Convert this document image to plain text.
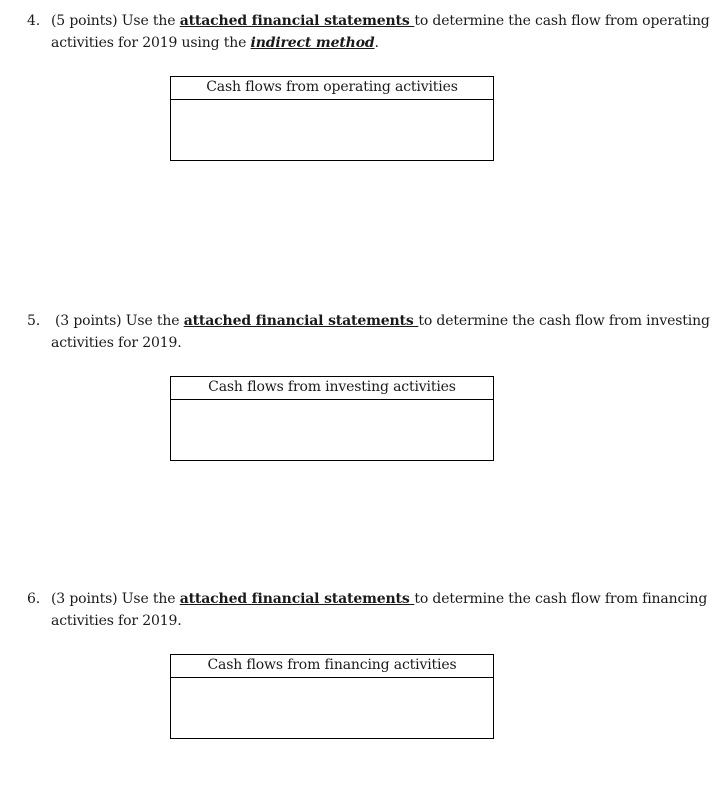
4. (5 points) Use the attached financial statements to determine the cash flow from operating
activities for 2019 using the indirect method.
Cash flows from operating activities
5. (3 points) Use the attached financial statements to determine the cash flow from investing
activities for 2019.
Cash flows from investing activities
6. (3 points) Use the attached financial statements to determine the cash flow from financing
activities for 2019.
Cash flows from financing activities
